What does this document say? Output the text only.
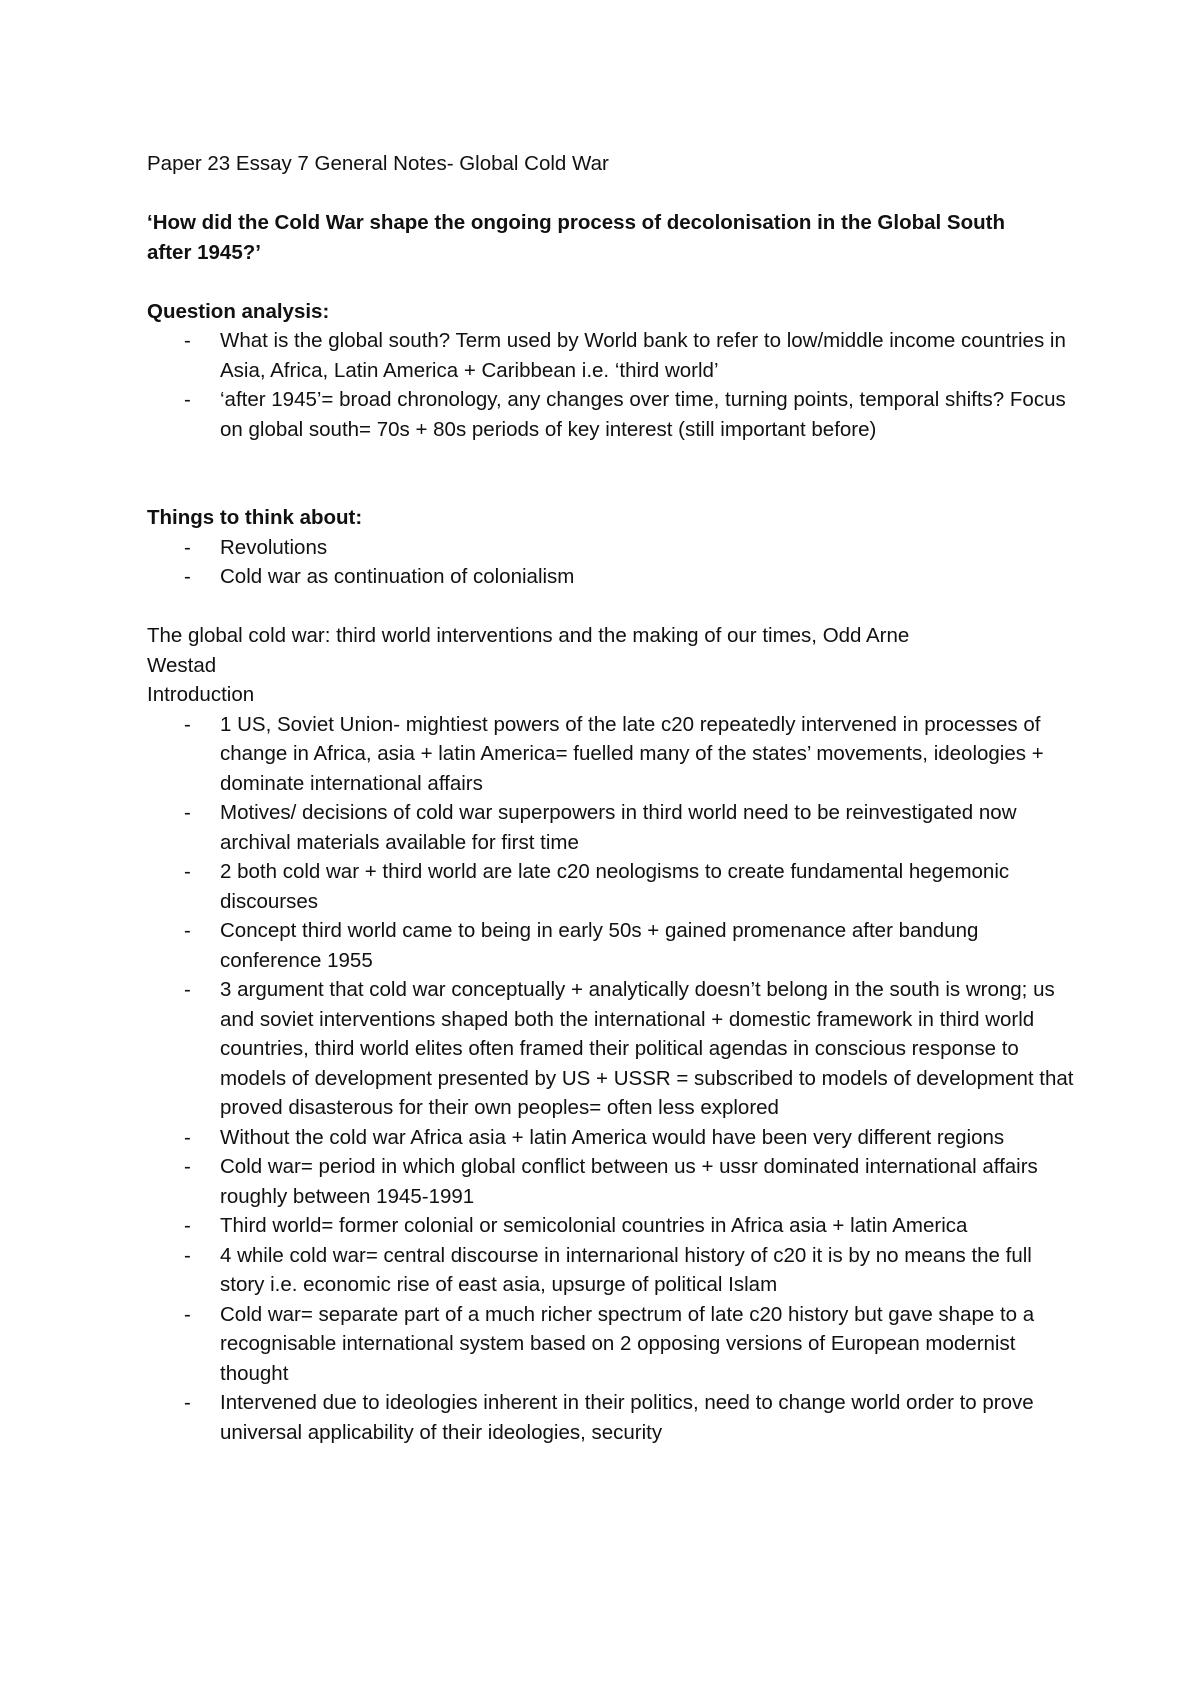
Paper 23 Essay 7 General Notes- Global Cold War

‘How did the Cold War shape the ongoing process of decolonisation in the Global South

after 1945?’

Question analysis:

- What is the global south? Term used by World bank to refer to low/middle income countries in Asia, Africa, Latin America + Caribbean i.e. ‘third world’
- ‘after 1945’= broad chronology, any changes over time, turning points, temporal shifts? Focus on global south= 70s + 80s periods of key interest (still important before)

Things to think about:

- Revolutions
- Cold war as continuation of colonialism

The global cold war: third world interventions and the making of our times, Odd Arne

Westad

Introduction

- 1 US, Soviet Union- mightiest powers of the late c20 repeatedly intervened in processes of change in Africa, asia + latin America= fuelled many of the states’ movements, ideologies + dominate international affairs
- Motives/ decisions of cold war superpowers in third world need to be reinvestigated now archival materials available for first time
- 2 both cold war + third world are late c20 neologisms to create fundamental hegemonic discourses
- Concept third world came to being in early 50s + gained promenance after bandung conference 1955
- 3 argument that cold war conceptually + analytically doesn’t belong in the south is wrong; us and soviet interventions shaped both the international + domestic framework in third world countries, third world elites often framed their political agendas in conscious response to models of development presented by US + USSR = subscribed to models of development that proved disasterous for their own peoples= often less explored
- Without the cold war Africa asia + latin America would have been very different regions
- Cold war= period in which global conflict between us + ussr dominated international affairs roughly between 1945-1991
- Third world= former colonial or semicolonial countries in Africa asia + latin America
- 4 while cold war= central discourse in internarional history of c20 it is by no means the full story i.e. economic rise of east asia, upsurge of political Islam
- Cold war= separate part of a much richer spectrum of late c20 history but gave shape to a recognisable international system based on 2 opposing versions of European modernist thought
- Intervened due to ideologies inherent in their politics, need to change world order to prove universal applicability of their ideologies, security
